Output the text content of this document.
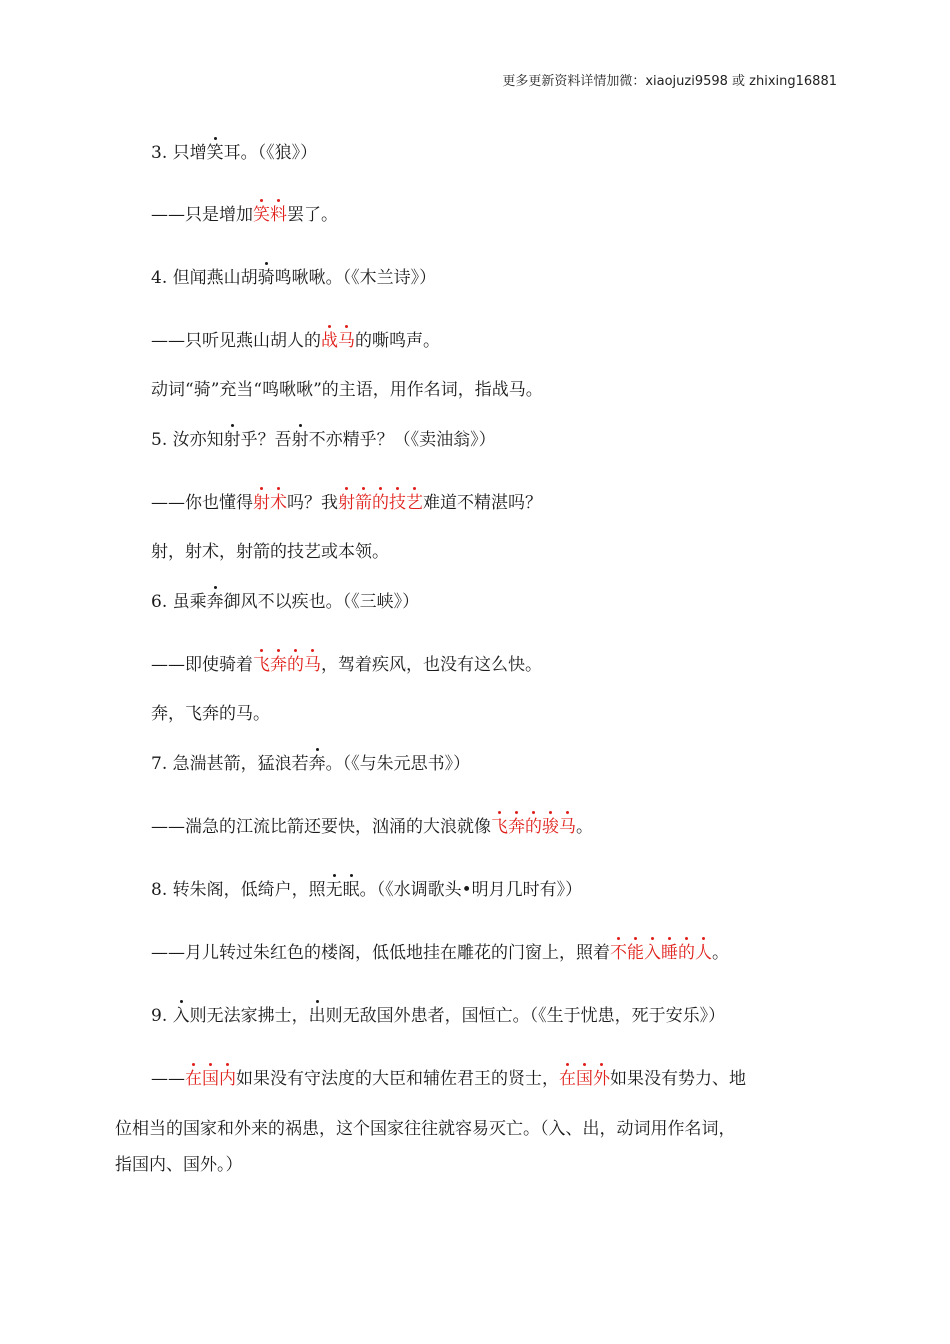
更多更新资料详情加微：xiaojuzi9598 或 zhixing16881
3. 只增笑耳。（《狼》）
——只是增加笑料罢了。
4. 但闻燕山胡骑鸣啾啾。（《木兰诗》）
——只听见燕山胡人的战马的嘶鸣声。
动词“骑”充当“鸣啾啾”的主语，用作名词，指战马。
5. 汝亦知射乎？吾射不亦精乎？（《卖油翁》）
——你也懂得射术吗？我射箭的技艺难道不精湛吗？
射，射术，射箭的技艺或本领。
6. 虽乘奔御风不以疾也。（《三峡》）
——即使骑着飞奔的马，驾着疾风，也没有这么快。
奔，飞奔的马。
7. 急湍甚箭，猛浪若奔。（《与朱元思书》）
——湍急的江流比箭还要快，汹涌的大浪就像飞奔的骏马。
8. 转朱阁，低绮户，照无眠。（《水调歌头•明月几时有》）
——月儿转过朱红色的楼阁，低低地挂在雕花的门窗上，照着不能入睡的人。
9. 入则无法家拂士，出则无敌国外患者，国恒亡。（《生于忧患，死于安乐》）
——在国内如果没有守法度的大臣和辅佐君王的贤士，在国外如果没有势力、地
位相当的国家和外来的祸患，这个国家往往就容易灭亡。（入、出，动词用作名词，
指国内、国外。）
